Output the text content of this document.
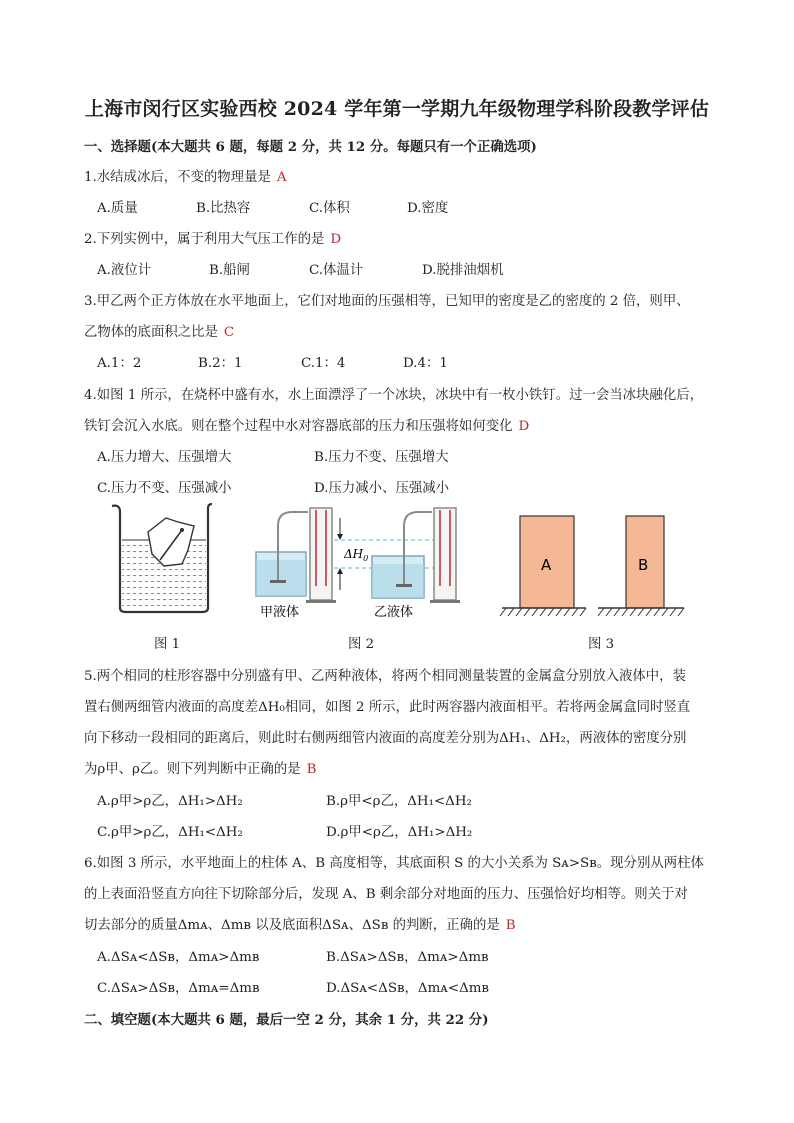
上海市闵行区实验西校 2024 学年第一学期九年级物理学科阶段教学评估
一、选择题(本大题共 6 题，每题 2 分，共 12 分。每题只有一个正确选项)
1.水结成冰后，不变的物理量是 A
A.质量	B.比热容	C.体积	D.密度
2.下列实例中，属于利用大气压工作的是 D
A.液位计	B.船闸	C.体温计	D.脱排油烟机
3.甲乙两个正方体放在水平地面上，它们对地面的压强相等，已知甲的密度是乙的密度的 2 倍，则甲、
乙物体的底面积之比是 C
A.1：2	B.2：1	C.1：4	D.4：1
4.如图 1 所示，在烧杯中盛有水，水上面漂浮了一个冰块，冰块中有一枚小铁钉。过一会当冰块融化后，
铁钉会沉入水底。则在整个过程中水对容器底部的压力和压强将如何变化 D
A.压力增大、压强增大	B.压力不变、压强增大
C.压力不变、压强减小	D.压力减小、压强减小
图 1
$\Delta H_0$
甲液体	乙液体
图 2
A	B
图 3
5.两个相同的柱形容器中分别盛有甲、乙两种液体，将两个相同测量装置的金属盒分别放入液体中，装
置右侧两细管内液面的高度差ΔH₀相同，如图 2 所示，此时两容器内液面相平。若将两金属盒同时竖直
向下移动一段相同的距离后，则此时右侧两细管内液面的高度差分别为ΔH₁、ΔH₂，两液体的密度分别
为ρ甲、ρ乙。则下列判断中正确的是 B
A.ρ甲>ρ乙，ΔH₁>ΔH₂	B.ρ甲<ρ乙，ΔH₁<ΔH₂
C.ρ甲>ρ乙，ΔH₁<ΔH₂	D.ρ甲<ρ乙，ΔH₁>ΔH₂
6.如图 3 所示，水平地面上的柱体 A、B 高度相等，其底面积 S 的大小关系为 Sᴀ>Sʙ。现分别从两柱体
的上表面沿竖直方向往下切除部分后，发现 A、B 剩余部分对地面的压力、压强恰好均相等。则关于对
切去部分的质量Δmᴀ、Δmʙ 以及底面积ΔSᴀ、ΔSʙ 的判断，正确的是 B
A.ΔSᴀ<ΔSʙ，Δmᴀ>Δmʙ	B.ΔSᴀ>ΔSʙ，Δmᴀ>Δmʙ
C.ΔSᴀ>ΔSʙ，Δmᴀ=Δmʙ	D.ΔSᴀ<ΔSʙ，Δmᴀ<Δmʙ
二、填空题(本大题共 6 题，最后一空 2 分，其余 1 分，共 22 分)
